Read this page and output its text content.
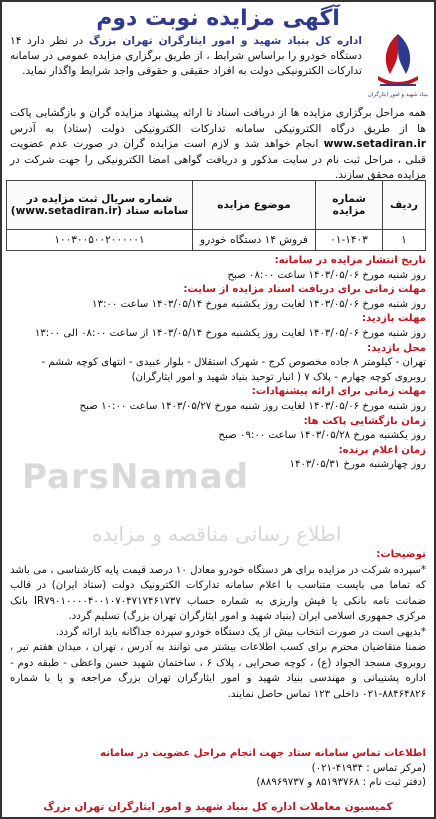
ParsNamad
اطلاع رسانی مناقصه و مزایده
آگهی مزایده نوبت دوم
بنیاد شهید و امور ایثارگران
اداره کل بنیاد شهید و امور ایثارگران تهران بزرگ در نظر دارد ۱۴ دستگاه خودرو را براساس شرایط ، از طریق برگزاری مزایده عمومی در سامانه تدارکات الکترونیکی دولت به افراد حقیقی و حقوقی واجد شرایط واگذار نماید.
همه مراحل برگزاری مزایده ها از دریافت اسناد تا ارائه پیشنهاد مزایده گران و بازگشایی پاکت ها از طریق درگاه الکترونیکی سامانه تدارکات الکترونیکی دولت (ستاد) به آدرس www.setadiran.ir انجام خواهد شد و لازم است مزایده گران در صورت عدم عضویت قبلی ، مراحل ثبت نام در سایت مذکور و دریافت گواهی امضا الکترونیکی را جهت شرکت در مزایده محقق سازند.
ردیف	شماره مزایده	موضوع مزایده	شماره سریال ثبت مزایده در سامانه ستاد (www.setadiran.ir)
۱	۰۱-۱۴۰۳	فروش ۱۴ دستگاه خودرو	۱۰۰۳۰۰۵۰۰۲۰۰۰۰۰۱
تاریخ انتشار مزایده در سامانه:
روز شنبه مورخ ۱۴۰۳/۰۵/۰۶ ساعت ۰۸:۰۰ صبح
مهلت زمانی برای دریافت اسناد مزایده از سایت:
روز شنبه مورخ ۱۴۰۳/۰۵/۰۶ لغایت روز یکشنبه مورخ ۱۴۰۳/۰۵/۱۴ ساعت ۱۳:۰۰
مهلت بازدید:
روز شنبه مورخ ۱۴۰۳/۰۵/۰۶ لغایت روز یکشنبه مورخ ۱۴۰۳/۰۵/۱۴ از ساعت ۰۸:۰۰ الی ۱۳:۰۰
محل بازدید:
تهران - کیلومتر ۸ جاده مخصوص کرج - شهرک استقلال - بلوار عبیدی - انتهای کوچه ششم - روبروی کوچه چهارم - پلاک ۷ ( انبار توحید بنیاد شهید و امور ایثارگران)
مهلت زمانی برای ارائه پیشنهادات:
روز شنبه مورخ ۱۴۰۳/۰۵/۰۶ لغایت روز شنبه مورخ ۱۴۰۳/۰۵/۲۷ ساعت ۱۰:۰۰ صبح
زمان بازگشایی پاکت ها:
روز یکشنبه مورخ ۱۴۰۳/۰۵/۲۸ ساعت ۰۹:۰۰ صبح
زمان اعلام برنده:
روز چهارشنبه مورخ ۱۴۰۳/۰۵/۳۱
توضیحات:
*سپرده شرکت در مزایده برای هر دستگاه خودرو معادل ۱۰ درصد قیمت پایه کارشناسی ، می باشد که تماما می بایست متناسب با اعلام سامانه تدارکات الکترونیک دولت (ستاد ایران) در قالب ضمانت نامه بانکی یا فیش واریزی به شماره حساب IR۷۹۰۱۰۰۰۰۴۰۰۱۰۷۰۴۷۱۷۴۶۱۷۳۷ بانک مرکزی جمهوری اسلامی ایران (بنیاد شهید و امور ایثارگران تهران بزرگ) تسلیم گردد.
*بدیهی است در صورت انتخاب بیش از یک دستگاه خودرو سپرده جداگانه باید ارائه گردد.
ضمنا متقاضیان محترم برای کسب اطلاعات بیشتر می توانند به آدرس ، تهران ، میدان هفتم تیر ، روبروی مسجد الجواد (ع) ، کوچه صحرایی ، پلاک ۶ ، ساختمان شهید حسن واعظی - طبقه دوم - اداره پشتیبانی و مهندسی بنیاد شهید و امور ایثارگران تهران بزرگ مراجعه و یا با شماره ۸۸۴۶۴۸۲۶-۰۲۱ داخلی ۱۲۳ تماس حاصل نمایند.
اطلاعات تماس سامانه ستاد جهت انجام مراحل عضویت در سامانه
(مرکز تماس : ۴۱۹۳۴-۰۲۱)
(دفتر ثبت نام : ۸۵۱۹۳۷۶۸ و ۸۸۹۶۹۷۳۷)
کمیسیون معاملات اداره کل بنیاد شهید و امور ایثارگران تهران بزرگ
